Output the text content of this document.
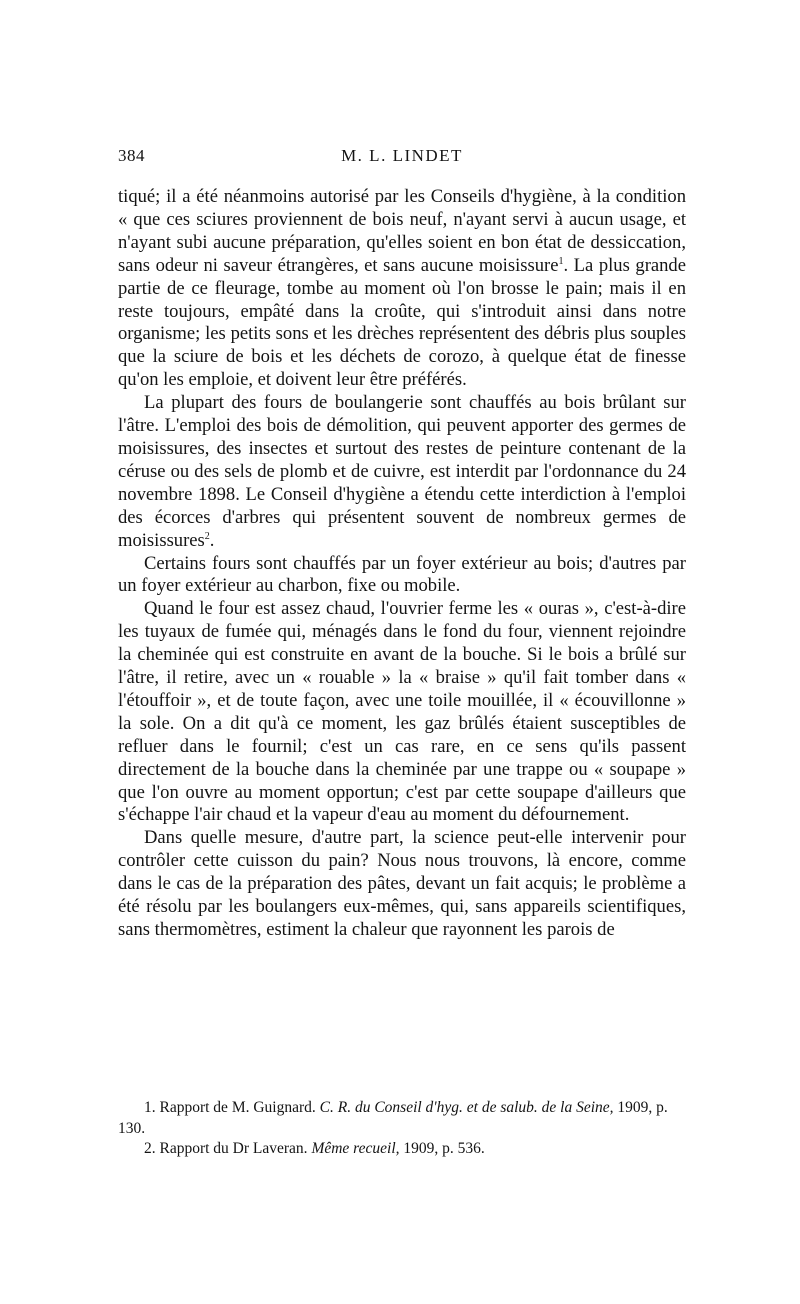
384	M. L. LINDET

tiqué; il a été néanmoins autorisé par les Conseils d'hygiène, à la condition « que ces sciures proviennent de bois neuf, n'ayant servi à aucun usage, et n'ayant subi aucune préparation, qu'elles soient en bon état de dessiccation, sans odeur ni saveur étrangères, et sans aucune moisissure$^1$. La plus grande partie de ce fleurage, tombe au moment où l'on brosse le pain; mais il en reste toujours, empâté dans la croûte, qui s'introduit ainsi dans notre organisme; les petits sons et les drèches représentent des débris plus souples que la sciure de bois et les déchets de corozo, à quelque état de finesse qu'on les emploie, et doivent leur être préférés.

La plupart des fours de boulangerie sont chauffés au bois brûlant sur l'âtre. L'emploi des bois de démolition, qui peuvent apporter des germes de moisissures, des insectes et surtout des restes de peinture contenant de la céruse ou des sels de plomb et de cuivre, est interdit par l'ordonnance du 24 novembre 1898. Le Conseil d'hygiène a étendu cette interdiction à l'emploi des écorces d'arbres qui présentent souvent de nombreux germes de moisissures$^2$.

Certains fours sont chauffés par un foyer extérieur au bois; d'autres par un foyer extérieur au charbon, fixe ou mobile.

Quand le four est assez chaud, l'ouvrier ferme les « ouras », c'est-à-dire les tuyaux de fumée qui, ménagés dans le fond du four, viennent rejoindre la cheminée qui est construite en avant de la bouche. Si le bois a brûlé sur l'âtre, il retire, avec un « rouable » la « braise » qu'il fait tomber dans « l'étouffoir », et de toute façon, avec une toile mouillée, il « écouvillonne » la sole. On a dit qu'à ce moment, les gaz brûlés étaient susceptibles de refluer dans le fournil; c'est un cas rare, en ce sens qu'ils passent directement de la bouche dans la cheminée par une trappe ou « soupape » que l'on ouvre au moment opportun; c'est par cette soupape d'ailleurs que s'échappe l'air chaud et la vapeur d'eau au moment du défournement.

Dans quelle mesure, d'autre part, la science peut-elle intervenir pour contrôler cette cuisson du pain? Nous nous trouvons, là encore, comme dans le cas de la préparation des pâtes, devant un fait acquis; le problème a été résolu par les boulangers eux-mêmes, qui, sans appareils scientifiques, sans thermomètres, estiment la chaleur que rayonnent les parois de

1. Rapport de M. Guignard. C. R. du Conseil d'hyg. et de salub. de la Seine, 1909, p. 130.

2. Rapport du Dr Laveran. Même recueil, 1909, p. 536.
